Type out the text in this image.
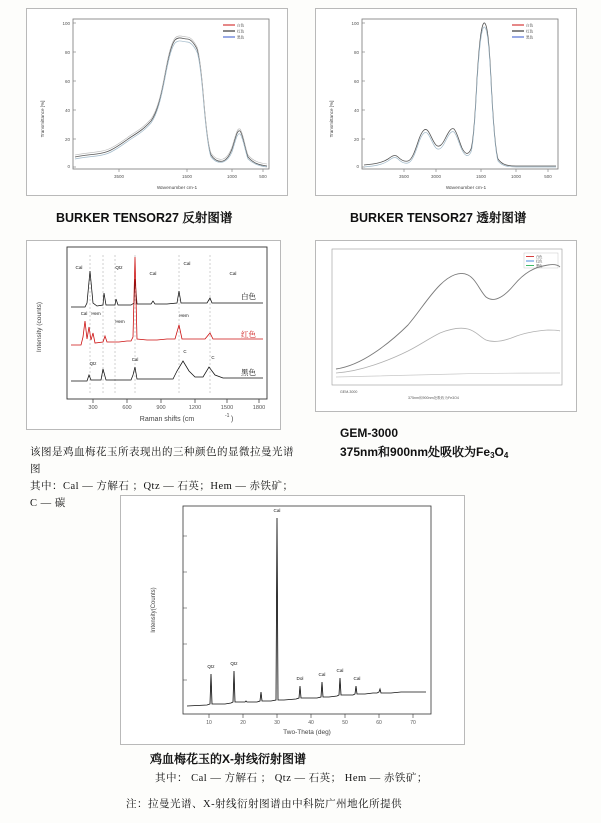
100
80
60
40
20
0
3500	1500	1000	500
Transmittance [%]
Wavenumber cm-1
白色
红色
黑色
100
80
60
40
20
0
3500	3000	1500	1000	500
Transmittance [%]
Wavenumber cm-1
白色
红色
黑色
BURKER TENSOR27 反射图谱	BURKER TENSOR27 透射图谱
Intensity (counts)
Raman shifts (cm	-1 )
300	600	900	1200	1500	1800
Cal	Qtz
Cal
Cal
Cal
白色
Cal Hem
Hem
Hem
红色
Qtz
Cal
C
C
黑色
白色
红色
黑色
GEM-3000
375nm和900nm处吸收为Fe3O4
该图是鸡血梅花玉所表现出的三种颜色的显微拉曼光谱图
其中：Cal — 方解石 ；Qtz — 石英；Hem — 赤铁矿；C — 碳
GEM-3000
375nm和900nm处吸收为$Fe_3O_4$
Intensity(Counts)
Two-Theta (deg)
10	20	30	40	50	60	70
Qtz
Qtz
Cal
Dol
Cal
Cal
Cal
鸡血梅花玉的X-射线衍射图谱
其中： Cal — 方解石 ； Qtz — 石英； Hem — 赤铁矿；
注：拉曼光谱、X-射线衍射图谱由中科院广州地化所提供
